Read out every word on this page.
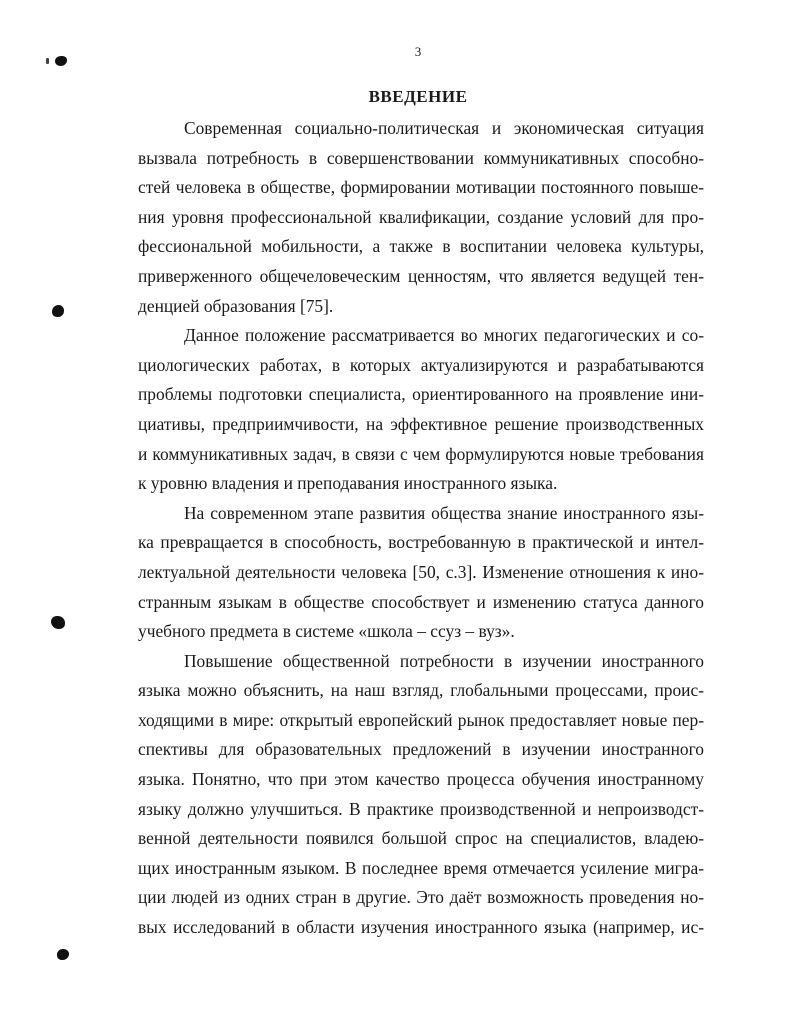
3
ВВЕДЕНИЕ
Современная социально-политическая и экономическая ситуация
вызвала потребность в совершенствовании коммуникативных способно-
стей человека в обществе, формировании мотивации постоянного повыше-
ния уровня профессиональной квалификации, создание условий для про-
фессиональной мобильности, а также в воспитании человека культуры,
приверженного общечеловеческим ценностям, что является ведущей тен-
денцией образования [75].
Данное положение рассматривается во многих педагогических и со-
циологических работах, в которых актуализируются и разрабатываются
проблемы подготовки специалиста, ориентированного на проявление ини-
циативы, предприимчивости, на эффективное решение производственных
и коммуникативных задач, в связи с чем формулируются новые требования
к уровню владения и преподавания иностранного языка.
На современном этапе развития общества знание иностранного язы-
ка превращается в способность, востребованную в практической и интел-
лектуальной деятельности человека [50, с.3]. Изменение отношения к ино-
странным языкам в обществе способствует и изменению статуса данного
учебного предмета в системе «школа – ссуз – вуз».
Повышение общественной потребности в изучении иностранного
языка можно объяснить, на наш взгляд, глобальными процессами, проис-
ходящими в мире: открытый европейский рынок предоставляет новые пер-
спективы для образовательных предложений в изучении иностранного
языка. Понятно, что при этом качество процесса обучения иностранному
языку должно улучшиться. В практике производственной и непроизводст-
венной деятельности появился большой спрос на специалистов, владею-
щих иностранным языком. В последнее время отмечается усиление мигра-
ции людей из одних стран в другие. Это даёт возможность проведения но-
вых исследований в области изучения иностранного языка (например, ис-
